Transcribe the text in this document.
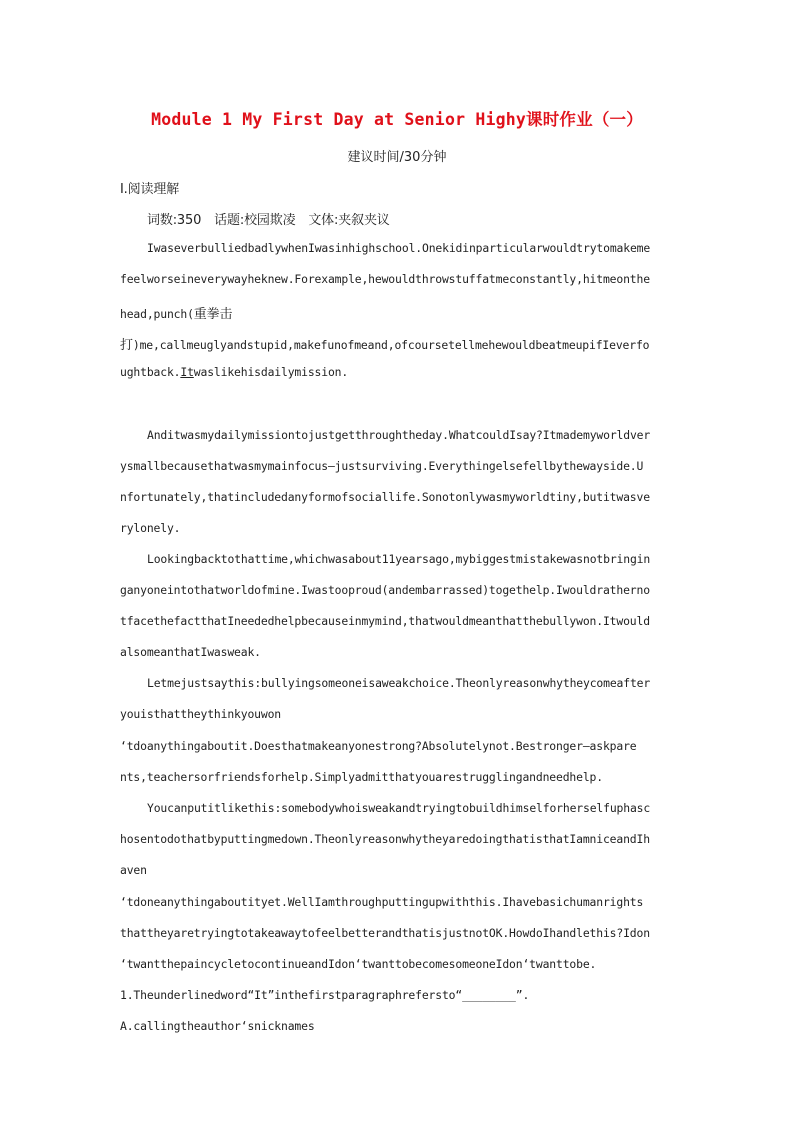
Module 1 My First Day at Senior Highy课时作业（一）
建议时间/30分钟
Ⅰ.阅读理解
词数:350　话题:校园欺凌　文体:夹叙夹议
IwaseverbulliedbadlywhenIwasinhighschool.Onekidinparticularwouldtrytomakeme
feelworseineverywayheknew.Forexample,hewouldthrowstuffatmeconstantly,hitmeonthe
head,punch(重拳击
打)me,callmeuglyandstupid,makefunofmeand,ofcoursetellmehewouldbeatmeupifIeverfo
ughtback.Itwaslikehisdailymission.
Anditwasmydailymissiontojustgetthroughtheday.WhatcouldIsay?Itmademyworldver
ysmallbecausethatwasmymainfocus—justsurviving.Everythingelsefellbythewayside.U
nfortunately,thatincludedanyformofsociallife.Sonotonlywasmyworldtiny,butitwasve
rylonely.
Lookingbacktothattime,whichwasabout11yearsago,mybiggestmistakewasnotbringin
ganyoneintothatworldofmine.Iwastooproud(andembarrassed)togethelp.Iwouldratherno
tfacethefactthatIneededhelpbecauseinmymind,thatwouldmeanthatthebullywon.Itwould
alsomeanthatIwasweak.
Letmejustsaythis:bullyingsomeoneisaweakchoice.Theonlyreasonwhytheycomeafter
youisthattheythinkyouwon
‘tdoanythingaboutit.Doesthatmakeanyonestrong?Absolutelynot.Bestronger—askpare
nts,teachersorfriendsforhelp.Simplyadmitthatyouarestrugglingandneedhelp.
Youcanputitlikethis:somebodywhoisweakandtryingtobuildhimselforherselfuphasc
hosentodothatbyputtingmedown.TheonlyreasonwhytheyaredoingthatisthatIamniceandIh
aven
‘tdoneanythingaboutityet.WellIamthroughputtingupwiththis.Ihavebasichumanrights
thattheyaretryingtotakeawaytofeelbetterandthatisjustnotOK.HowdoIhandlethis?Idon
‘twantthepaincycletocontinueandIdon‘twanttobecomesomeoneIdon‘twanttobe.
1.Theunderlinedword“It”inthefirstparagraphrefersto“________”.
A.callingtheauthor‘snicknames
